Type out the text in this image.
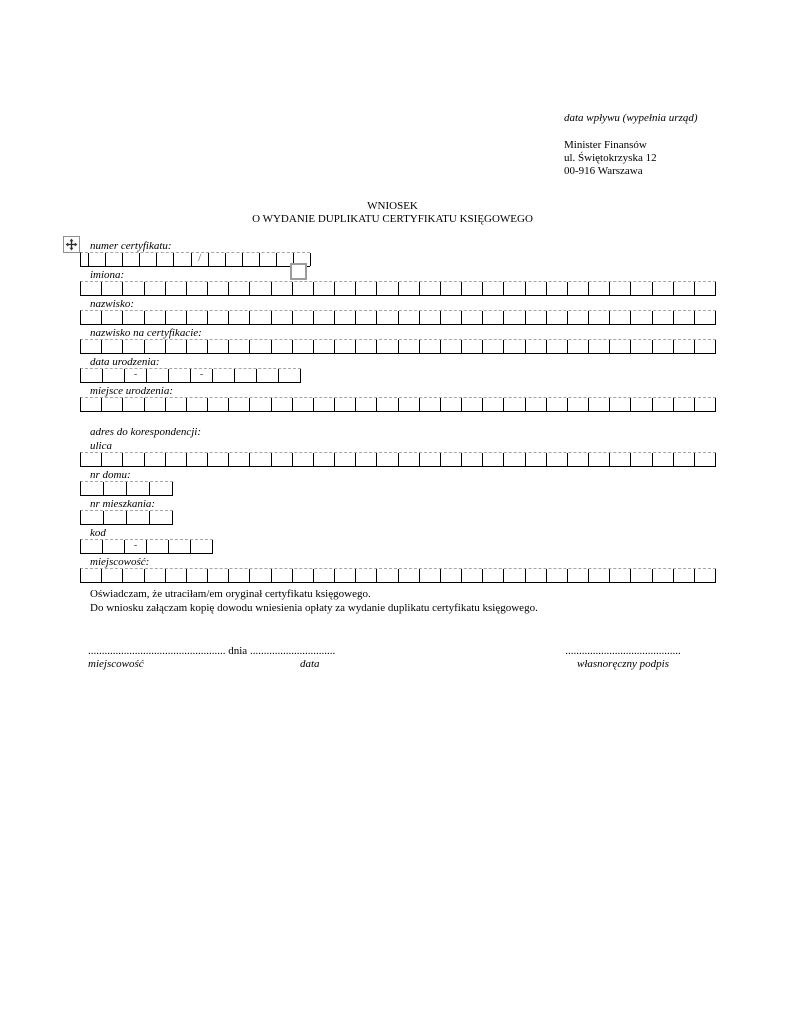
data wpływu (wypełnia urząd)
Minister Finansów
ul. Świętokrzyska 12
00-916 Warszawa
WNIOSEK
O WYDANIE DUPLIKATU CERTYFIKATU KSIĘGOWEGO
numer certyfikatu:
/
imiona:
nazwisko:
nazwisko na certyfikacie:
data urodzenia:
-	-
miejsce urodzenia:
adres do korespondencji:
ulica
nr domu:
nr mieszkania:
kod
-
miejscowość:
Oświadczam, że utraciłam/em oryginał certyfikatu księgowego.
Do wniosku załączam kopię dowodu wniesienia opłaty za wydanie duplikatu certyfikatu księgowego.
.................................................. dnia ...............................
miejscowość	data
..........................................
własnoręczny podpis
